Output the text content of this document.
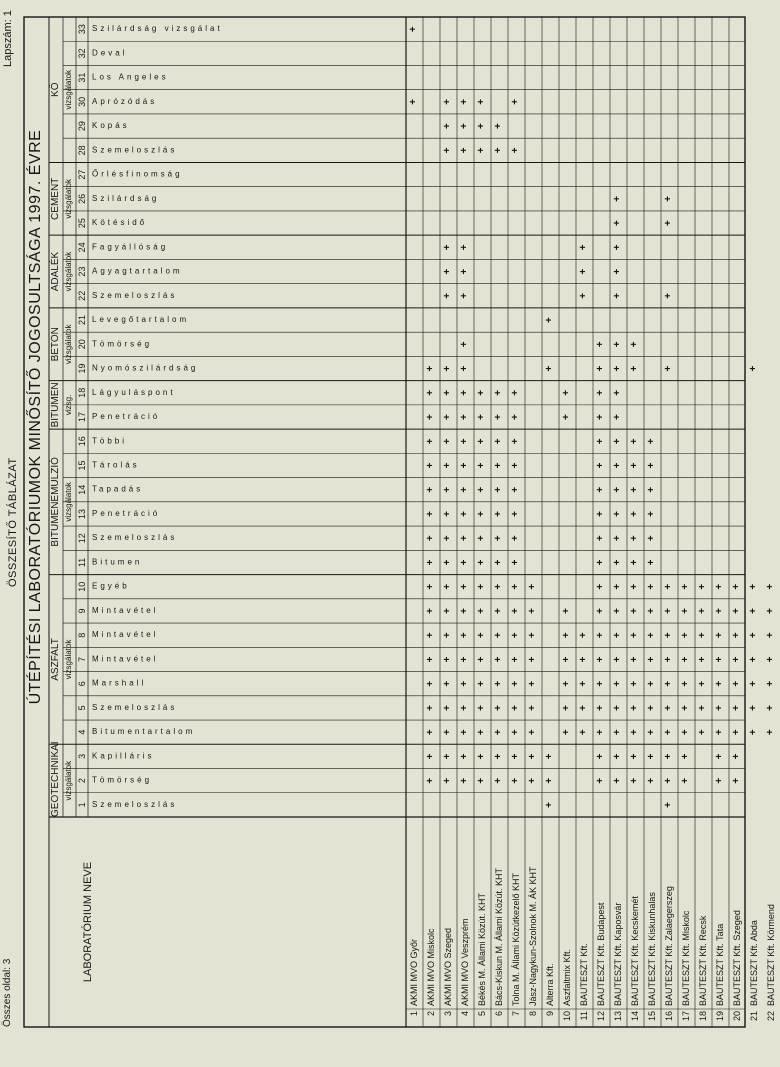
Összes oldal: 3
ÖSSZESÍTŐ TÁBLÁZAT
Lapszám: 1
ÚTÉPÍTÉSI LABORATÓRIUMOK MINŐSÍTŐ JOGOSULTSÁGA 1997. ÉVRE
LABORATÓRIUM NEVE
GEOTECHNIKAI vizsgálatok
ASZFALT vizsgálatok
BITUMENEMULZIÓ vizsgálatok
BITUMEN vizsg.
BETON vizsgálatok
ADALÉK vizsgálatok
CEMENT vizsgálatok
KŐ vizsgálatok
1 Szemeloszlás
2 Tömörség
3 Kapilláris
4 Bitumentartalom
5 Szemeloszlás
6 Marshall
7 Mintavétel
8 Mintavétel
9 Mintavétel
10 Egyéb
11 Bitumen
12 Szemeloszlás
13 Penetráció
14 Tapadás
15 Tárolás
16 Többi
17 Penetráció
18 Lágyuláspont
19 Nyomószilárdság
20 Tömörség
21 Levegőtartalom
22 Szemeloszlás
23 Agyagtartalom
24 Fagyállóság
25 Kötésidő
26 Szilárdság
27 Őrlésfinomság
28 Szemeloszlás
29 Kopás
30 Aprózódás
31 Los Angeles
32 Deval
33 Szilárdság vizsgálat
1
AKMI MVO Győr
+
+
2
AKMI MVO Miskolc
+
+
+
+
+
+
+
+
+
+
+
+
+
+
+
+
+
+
3
AKMI MVO Szeged
+
+
+
+
+
+
+
+
+
+
+
+
+
+
+
+
+
+
+
+
+
+
+
+
4
AKMI MVO Veszprém
+
+
+
+
+
+
+
+
+
+
+
+
+
+
+
+
+
+
+
+
+
+
+
+
+
5
Békés M. Állami Közút. KHT
+
+
+
+
+
+
+
+
+
+
+
+
+
+
+
+
+
+
+
+
6
Bács-Kiskun M. Állami Közút. KHT
+
+
+
+
+
+
+
+
+
+
+
+
+
+
+
+
+
+
+
7
Tolna M. Állami Közútkezelő KHT
+
+
+
+
+
+
+
+
+
+
+
+
+
+
+
+
+
+
+
8
Jász-Nagykun-Szolnok M. ÁK KHT
+
+
+
+
+
+
+
+
+
9
Alterra Kft.
+
+
+
+
+
10
Aszfaltmix Kft.
+
+
+
+
+
+
+
+
11
BAUTESZT Kft.
+
+
+
+
+
+
+
+
12
BAUTESZT Kft. Budapest
+
+
+
+
+
+
+
+
+
+
+
+
+
+
+
+
+
+
+
13
BAUTESZT Kft. Kaposvár
+
+
+
+
+
+
+
+
+
+
+
+
+
+
+
+
+
+
+
+
+
+
+
+
14
BAUTESZT Kft. Kecskemét
+
+
+
+
+
+
+
+
+
+
+
+
+
+
+
+
+
15
BAUTESZT Kft. Kiskunhalas
+
+
+
+
+
+
+
+
+
+
+
+
+
+
+
16
BAUTESZT Kft. Zalaegerszeg
+
+
+
+
+
+
+
+
+
+
+
+
+
+
17
BAUTESZT Kft. Miskolc
+
+
+
+
+
+
+
+
+
18
BAUTESZT Kft. Recsk
+
+
+
+
+
+
+
19
BAUTESZT Kft. Tata
+
+
+
+
+
+
+
+
+
20
BAUTESZT Kft. Szeged
+
+
+
+
+
+
+
+
+
21
BAUTESZT Kft. Abda
+
+
+
+
+
+
+
+
22
BAUTESZT Kft. Körmend
+
+
+
+
+
+
+
